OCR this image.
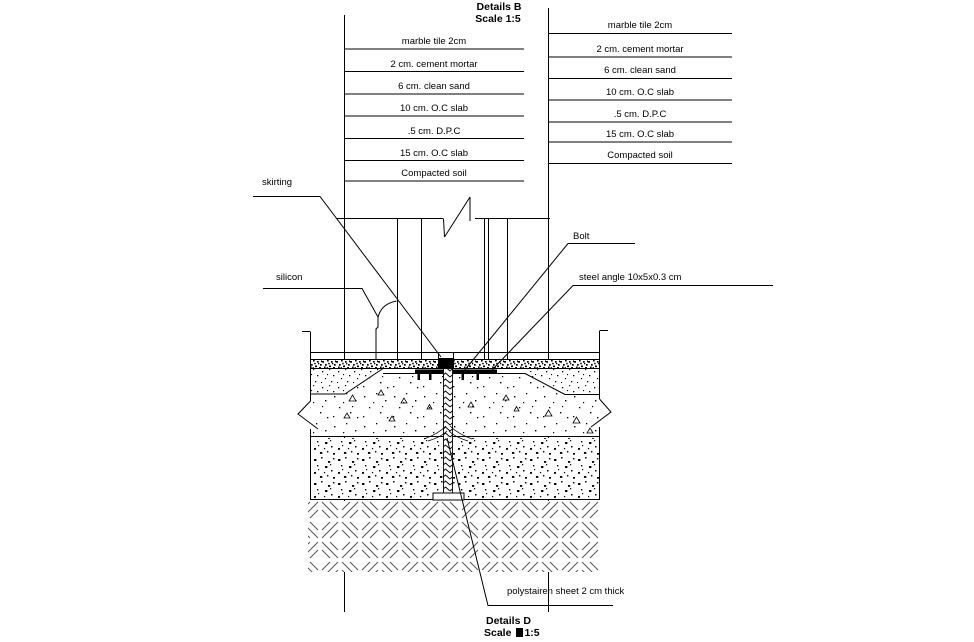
Details B
Scale 1:5
Details D
Scale 1:5
marble tile 2cm
2 cm. cement mortar
6 cm. clean sand
10 cm. O.C slab
.5 cm. D.P.C
15 cm. O.C slab
Compacted soil
marble tile 2cm
2 cm. cement mortar
6 cm. clean sand
10 cm. O.C slab
.5 cm. D.P.C
15 cm. O.C slab
Compacted soil
skirting
silicon
Bolt
steel angle 10x5x0.3 cm
polystairen sheet 2 cm thick
